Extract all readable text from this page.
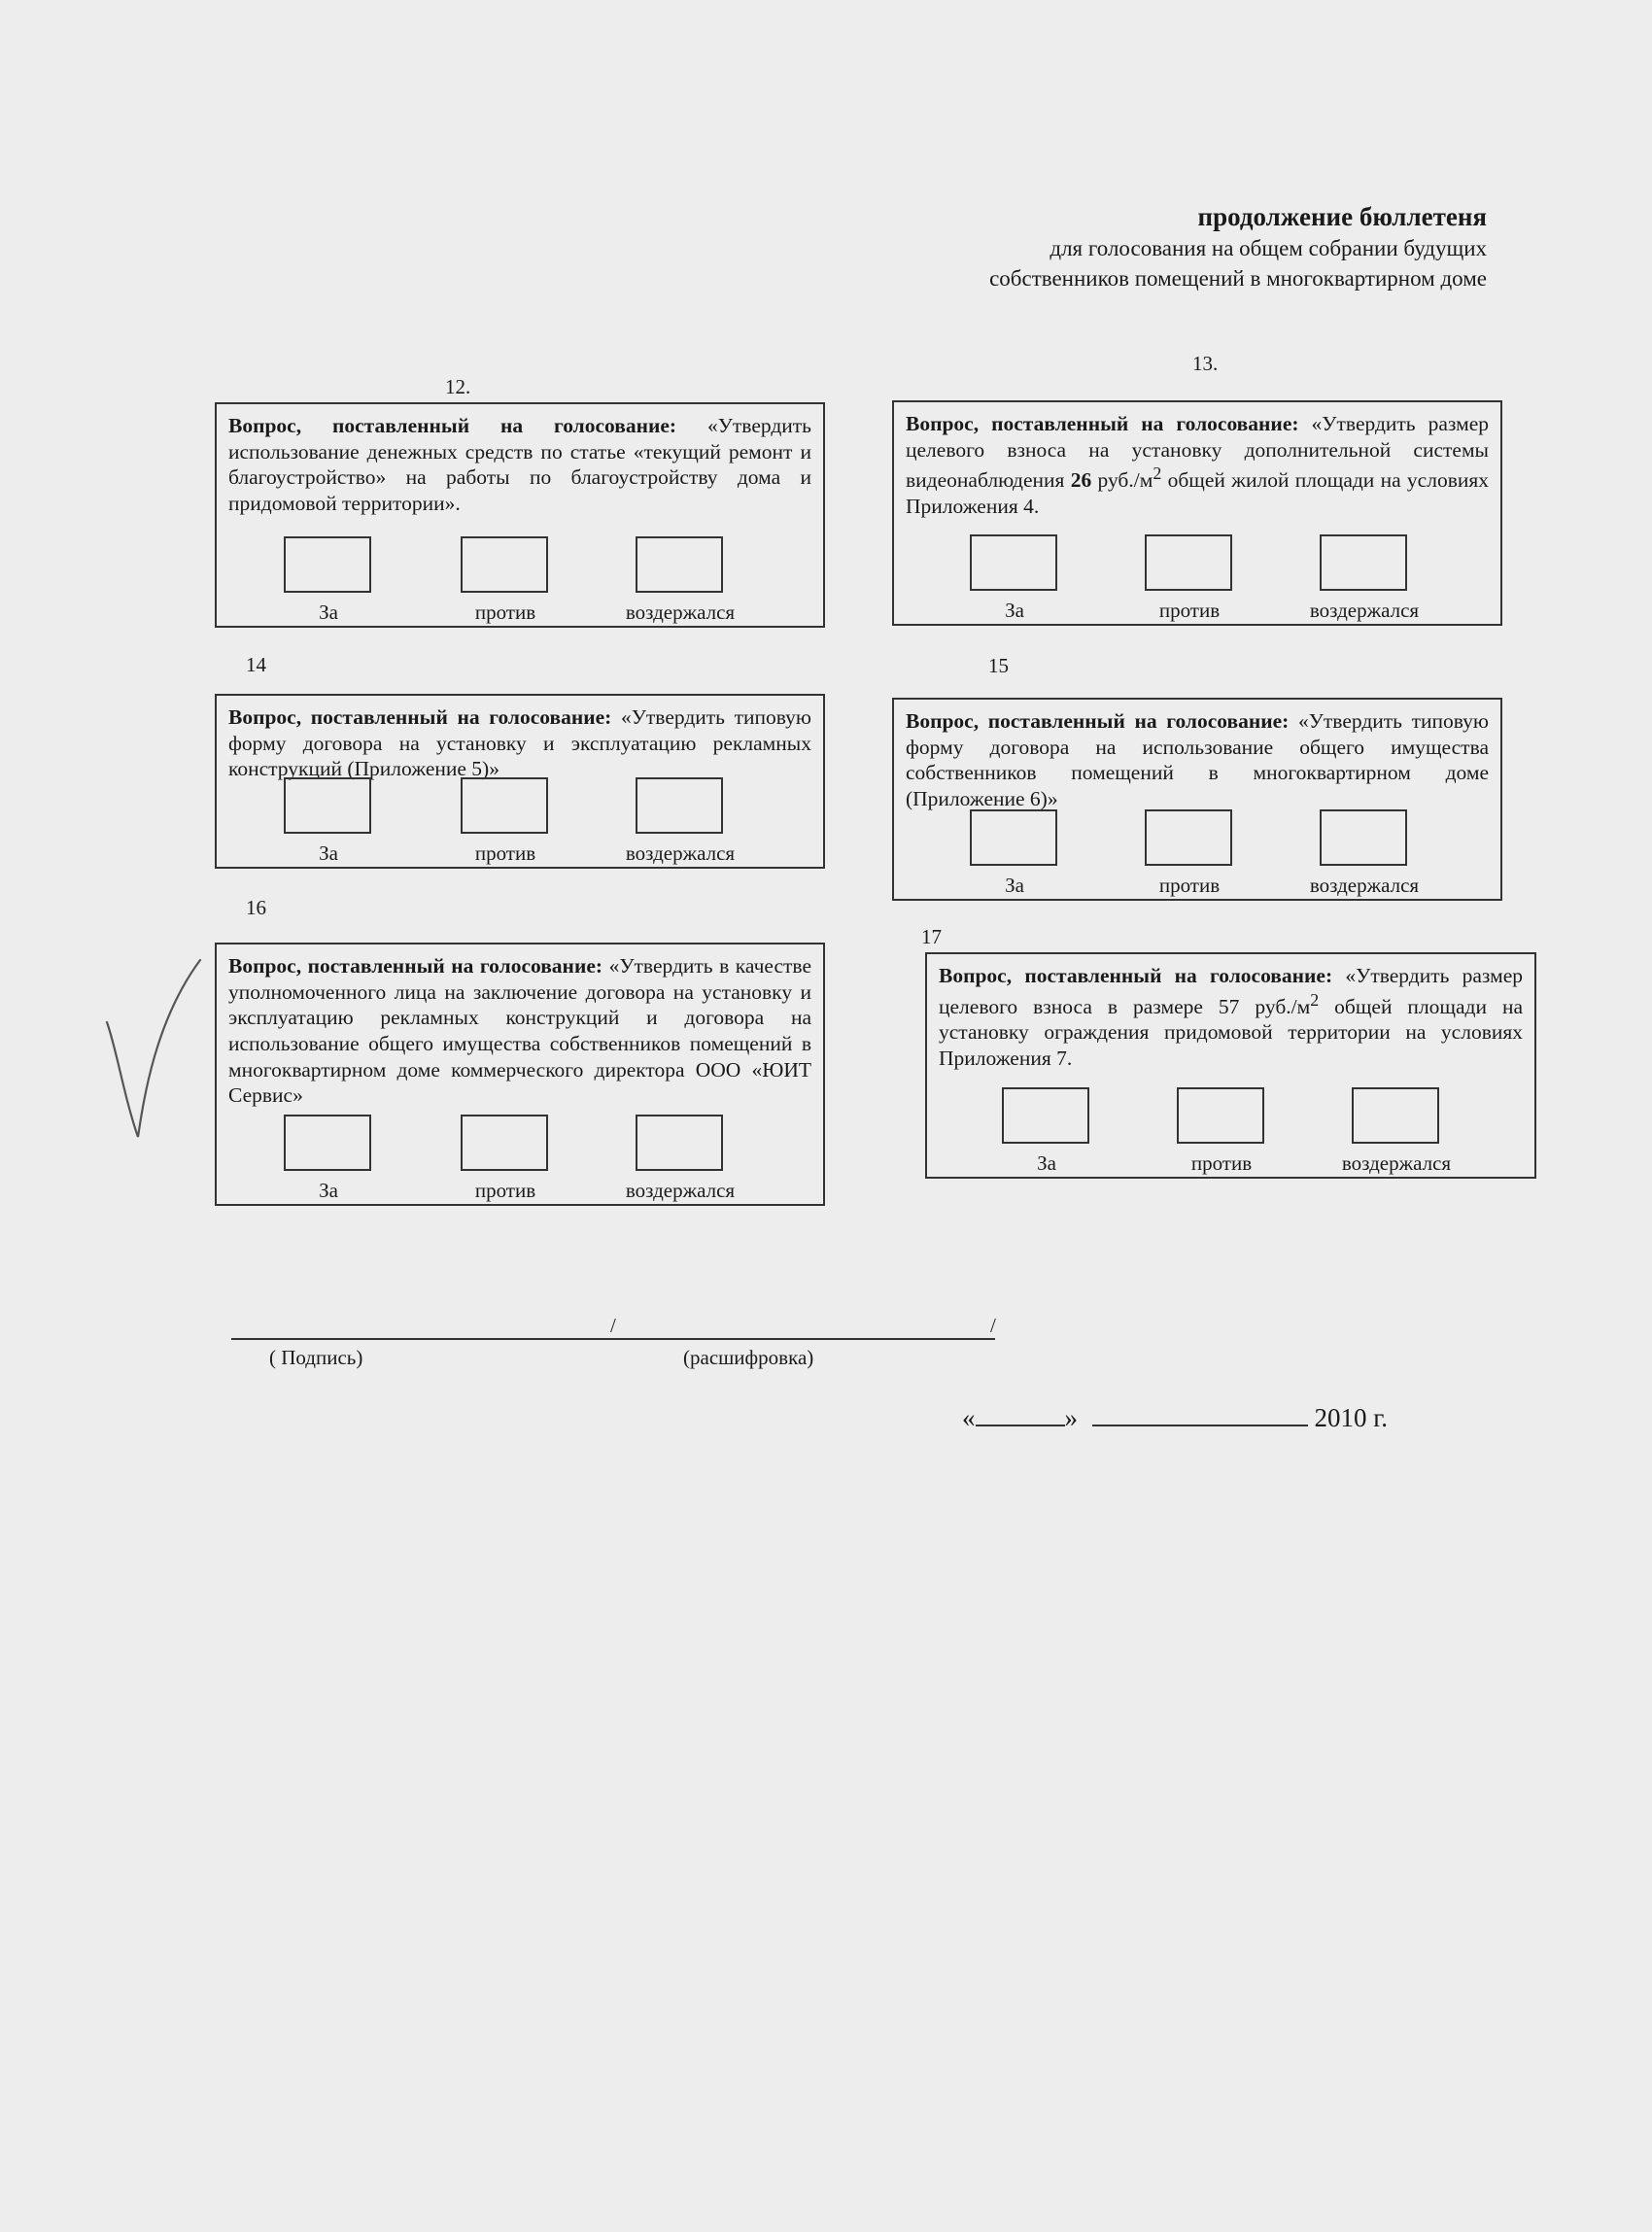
продолжение бюллетеня
для голосования на общем собрании будущих
собственников помещений в многоквартирном доме
12.

Вопрос, поставленный на голосование: «Утвердить использование денежных средств по статье «текущий ремонт и благоустройство» на работы по благоустройству дома и придомовой территории».

За	против	воздержался
13.

Вопрос, поставленный на голосование: «Утвердить размер целевого взноса на установку дополнительной системы видеонаблюдения 26 $руб./м^2$ общей жилой площади на условиях Приложения 4.

За	против	воздержался
14

Вопрос, поставленный на голосование: «Утвердить типовую форму договора на установку и эксплуатацию рекламных конструкций (Приложение 5)»

За	против	воздержался
15

Вопрос, поставленный на голосование: «Утвердить типовую форму договора на использование общего имущества собственников помещений в многоквартирном доме (Приложение 6)»

За	против	воздержался
16

Вопрос, поставленный на голосование: «Утвердить в качестве уполномоченного лица на заключение договора на установку и эксплуатацию рекламных конструкций и договора на использование общего имущества собственников помещений в многоквартирном доме коммерческого директора ООО «ЮИТ Сервис»

За	против	воздержался
17

Вопрос, поставленный на голосование: «Утвердить размер целевого взноса в размере 57 $руб./м^2$ общей площади на установку ограждения придомовой территории на условиях Приложения 7.

За	против	воздержался
/	/
( Подпись)	(расшифровка)
«	»	2010 г.
